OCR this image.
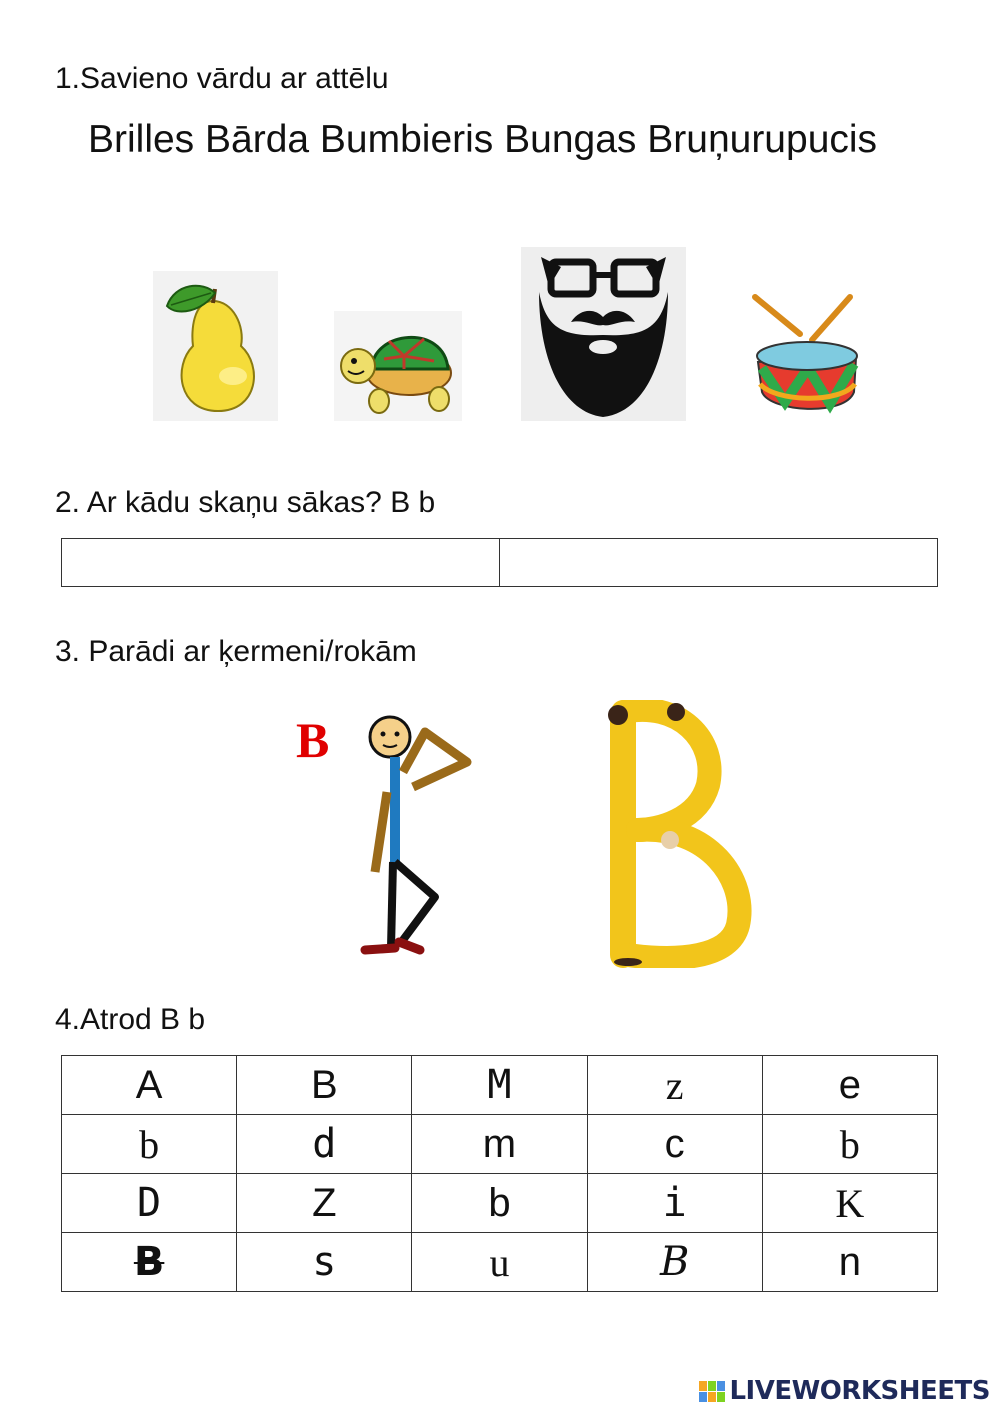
1.Savieno vārdu ar attēlu
Brilles Bārda Bumbieris Bungas Bruņurupucis
2. Ar kādu skaņu sākas? B b
3. Parādi ar ķermeni/rokām
B
4.Atrod B b
A	B	M	z	e
b	d	m	c	b
D	Z	b	i	K
B	s	u	B	n
LIVEWORKSHEETS
